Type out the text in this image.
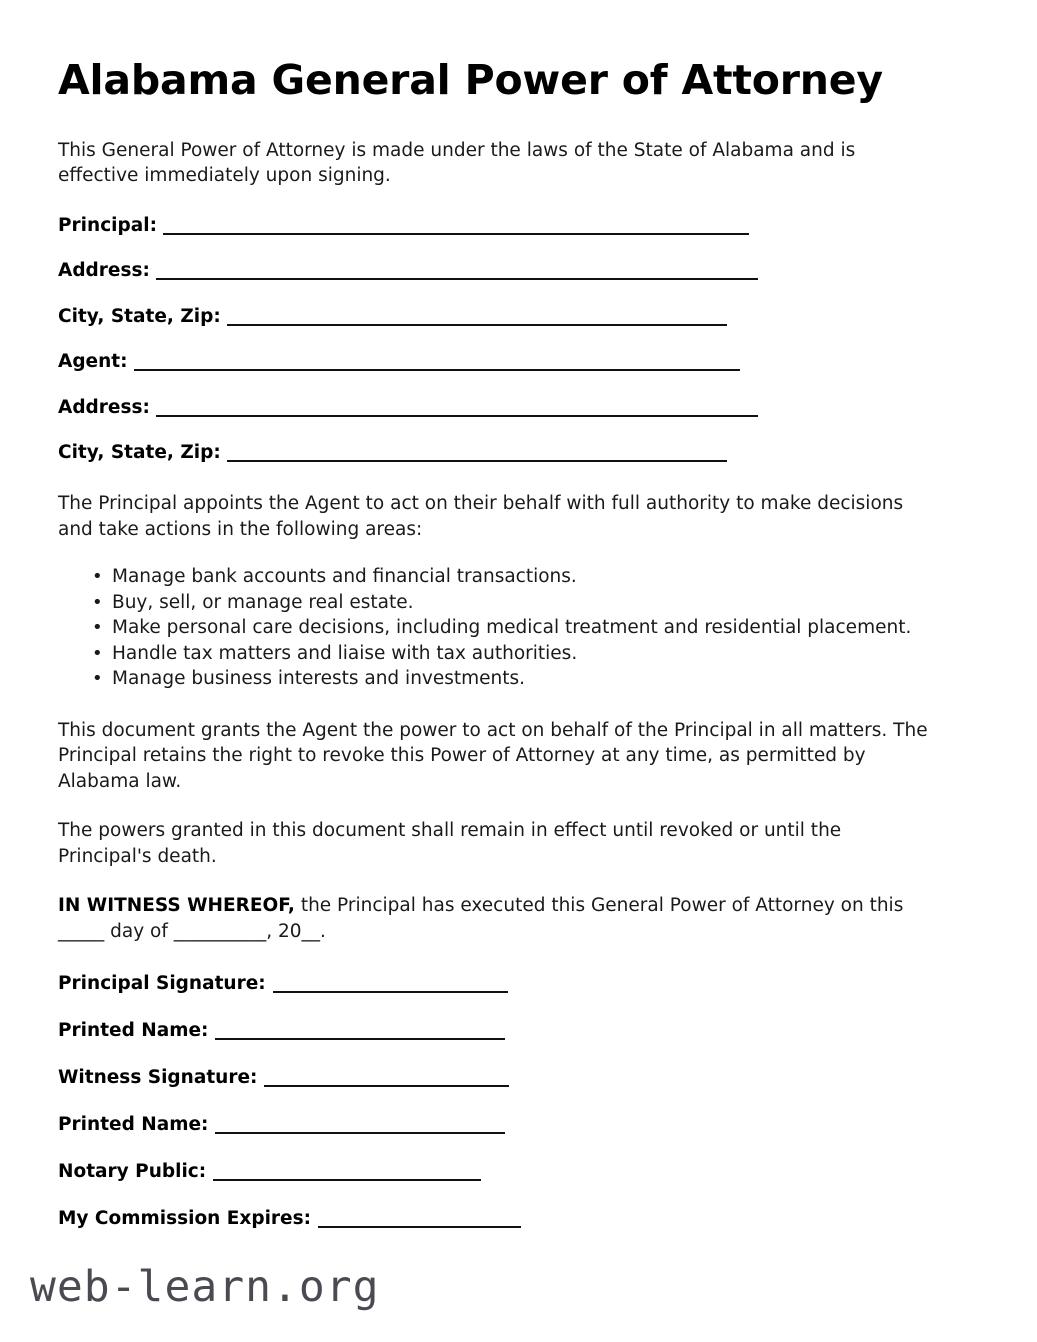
Alabama General Power of Attorney

This General Power of Attorney is made under the laws of the State of Alabama and is effective immediately upon signing.

Principal:
Address:
City, State, Zip:
Agent:
Address:
City, State, Zip:

The Principal appoints the Agent to act on their behalf with full authority to make decisions and take actions in the following areas:

• Manage bank accounts and financial transactions.
• Buy, sell, or manage real estate.
• Make personal care decisions, including medical treatment and residential placement.
• Handle tax matters and liaise with tax authorities.
• Manage business interests and investments.

This document grants the Agent the power to act on behalf of the Principal in all matters. The Principal retains the right to revoke this Power of Attorney at any time, as permitted by Alabama law.

The powers granted in this document shall remain in effect until revoked or until the Principal's death.

IN WITNESS WHEREOF, the Principal has executed this General Power of Attorney on this _____ day of __________, 20__.

Principal Signature:
Printed Name:
Witness Signature:
Printed Name:
Notary Public:
My Commission Expires:
web-learn.org
